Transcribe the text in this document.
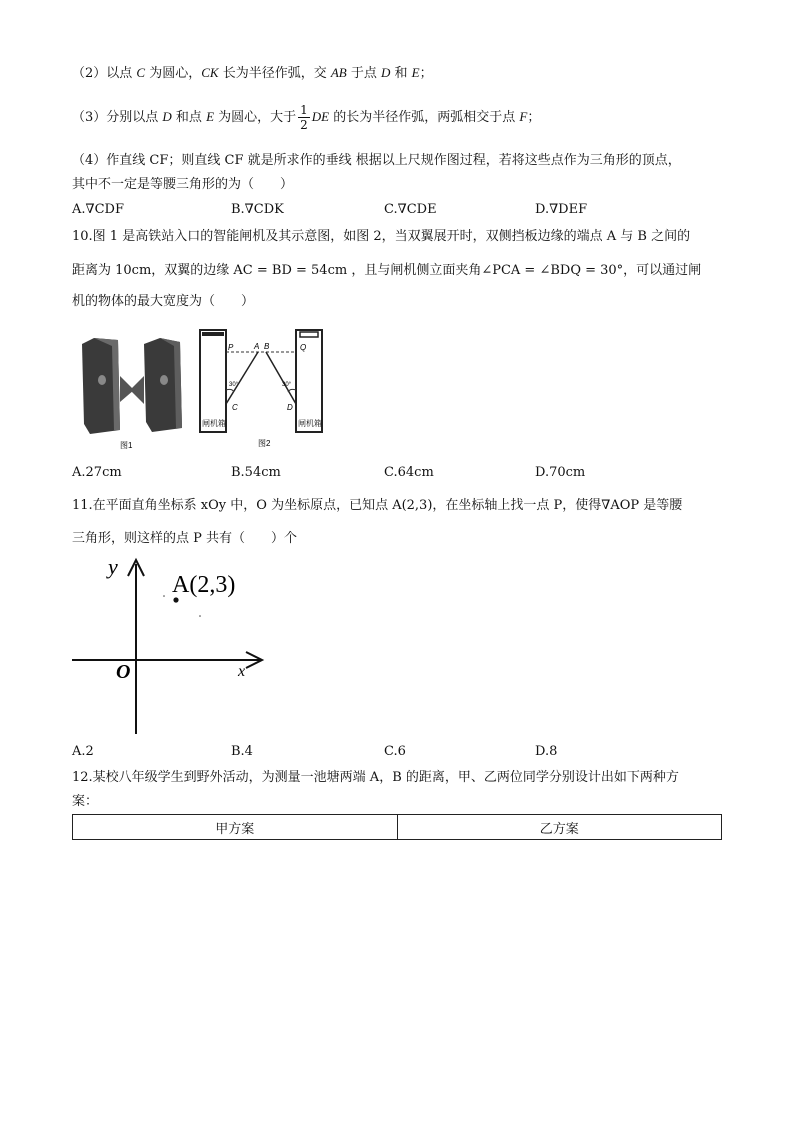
（2）以点 C 为圆心，CK 长为半径作弧，交 AB 于点 D 和 E；
（3）分别以点 D 和点 E 为圆心，大于 $\frac{1}{2}$ DE 的长为半径作弧，两弧相交于点 F；
（4）作直线 CF；则直线 CF 就是所求作的垂线 根据以上尺规作图过程，若将这些点作为三角形的顶点，
其中不一定是等腰三角形的为（　　）
A.∇CDF	B.∇CDK	C.∇CDE	D.∇DEF
10.图 1 是高铁站入口的智能闸机及其示意图，如图 2，当双翼展开时，双侧挡板边缘的端点 A 与 B 之间的
距离为 10cm，双翼的边缘 AC = BD = 54cm ，且与闸机侧立面夹角∠PCA = ∠BDQ = 30°，可以通过闸
机的物体的最大宽度为（　　）
图1
P	A B	Q
30°	30°
C	D
闸机箱	闸机箱
图2
A.27cm	B.54cm	C.64cm	D.70cm
11.在平面直角坐标系 xOy 中，O 为坐标原点，已知点 A(2,3)，在坐标轴上找一点 P，使得∇AOP 是等腰
三角形，则这样的点 P 共有（　　）个
y
x
O
A(2,3)
A.2	B.4	C.6	D.8
12.某校八年级学生到野外活动，为测量一池塘两端 A，B 的距离，甲、乙两位同学分别设计出如下两种方
案：
甲方案	乙方案
